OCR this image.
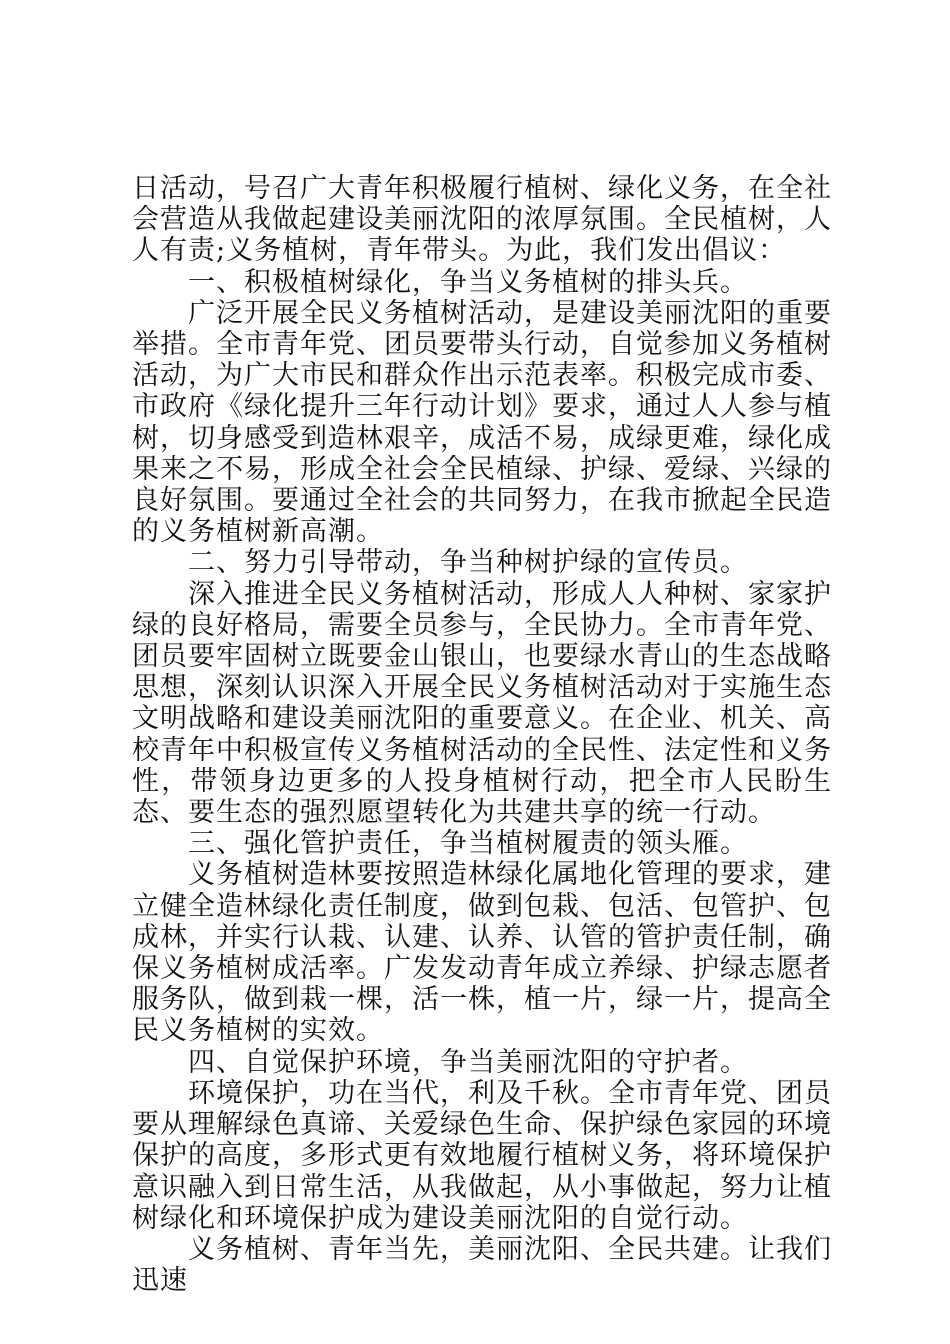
日活动，号召广大青年积极履行植树、绿化义务，在全社会营造从我做起建设美丽沈阳的浓厚氛围。全民植树，人人有责;义务植树，青年带头。为此，我们发出倡议：

一、积极植树绿化，争当义务植树的排头兵。

广泛开展全民义务植树活动，是建设美丽沈阳的重要举措。全市青年党、团员要带头行动，自觉参加义务植树活动，为广大市民和群众作出示范表率。积极完成市委、市政府《绿化提升三年行动计划》要求，通过人人参与植树，切身感受到造林艰辛，成活不易，成绿更难，绿化成果来之不易，形成全社会全民植绿、护绿、爱绿、兴绿的良好氛围。要通过全社会的共同努力，在我市掀起全民造的义务植树新高潮。

二、努力引导带动，争当种树护绿的宣传员。

深入推进全民义务植树活动，形成人人种树、家家护绿的良好格局，需要全员参与，全民协力。全市青年党、团员要牢固树立既要金山银山，也要绿水青山的生态战略思想，深刻认识深入开展全民义务植树活动对于实施生态文明战略和建设美丽沈阳的重要意义。在企业、机关、高校青年中积极宣传义务植树活动的全民性、法定性和义务性，带领身边更多的人投身植树行动，把全市人民盼生态、要生态的强烈愿望转化为共建共享的统一行动。

三、强化管护责任，争当植树履责的领头雁。

义务植树造林要按照造林绿化属地化管理的要求，建立健全造林绿化责任制度，做到包栽、包活、包管护、包成林，并实行认栽、认建、认养、认管的管护责任制，确保义务植树成活率。广发发动青年成立养绿、护绿志愿者服务队，做到栽一棵，活一株，植一片，绿一片，提高全民义务植树的实效。

四、自觉保护环境，争当美丽沈阳的守护者。

环境保护，功在当代，利及千秋。全市青年党、团员要从理解绿色真谛、关爱绿色生命、保护绿色家园的环境保护的高度，多形式更有效地履行植树义务，将环境保护意识融入到日常生活，从我做起，从小事做起，努力让植树绿化和环境保护成为建设美丽沈阳的自觉行动。

义务植树、青年当先，美丽沈阳、全民共建。让我们迅速
